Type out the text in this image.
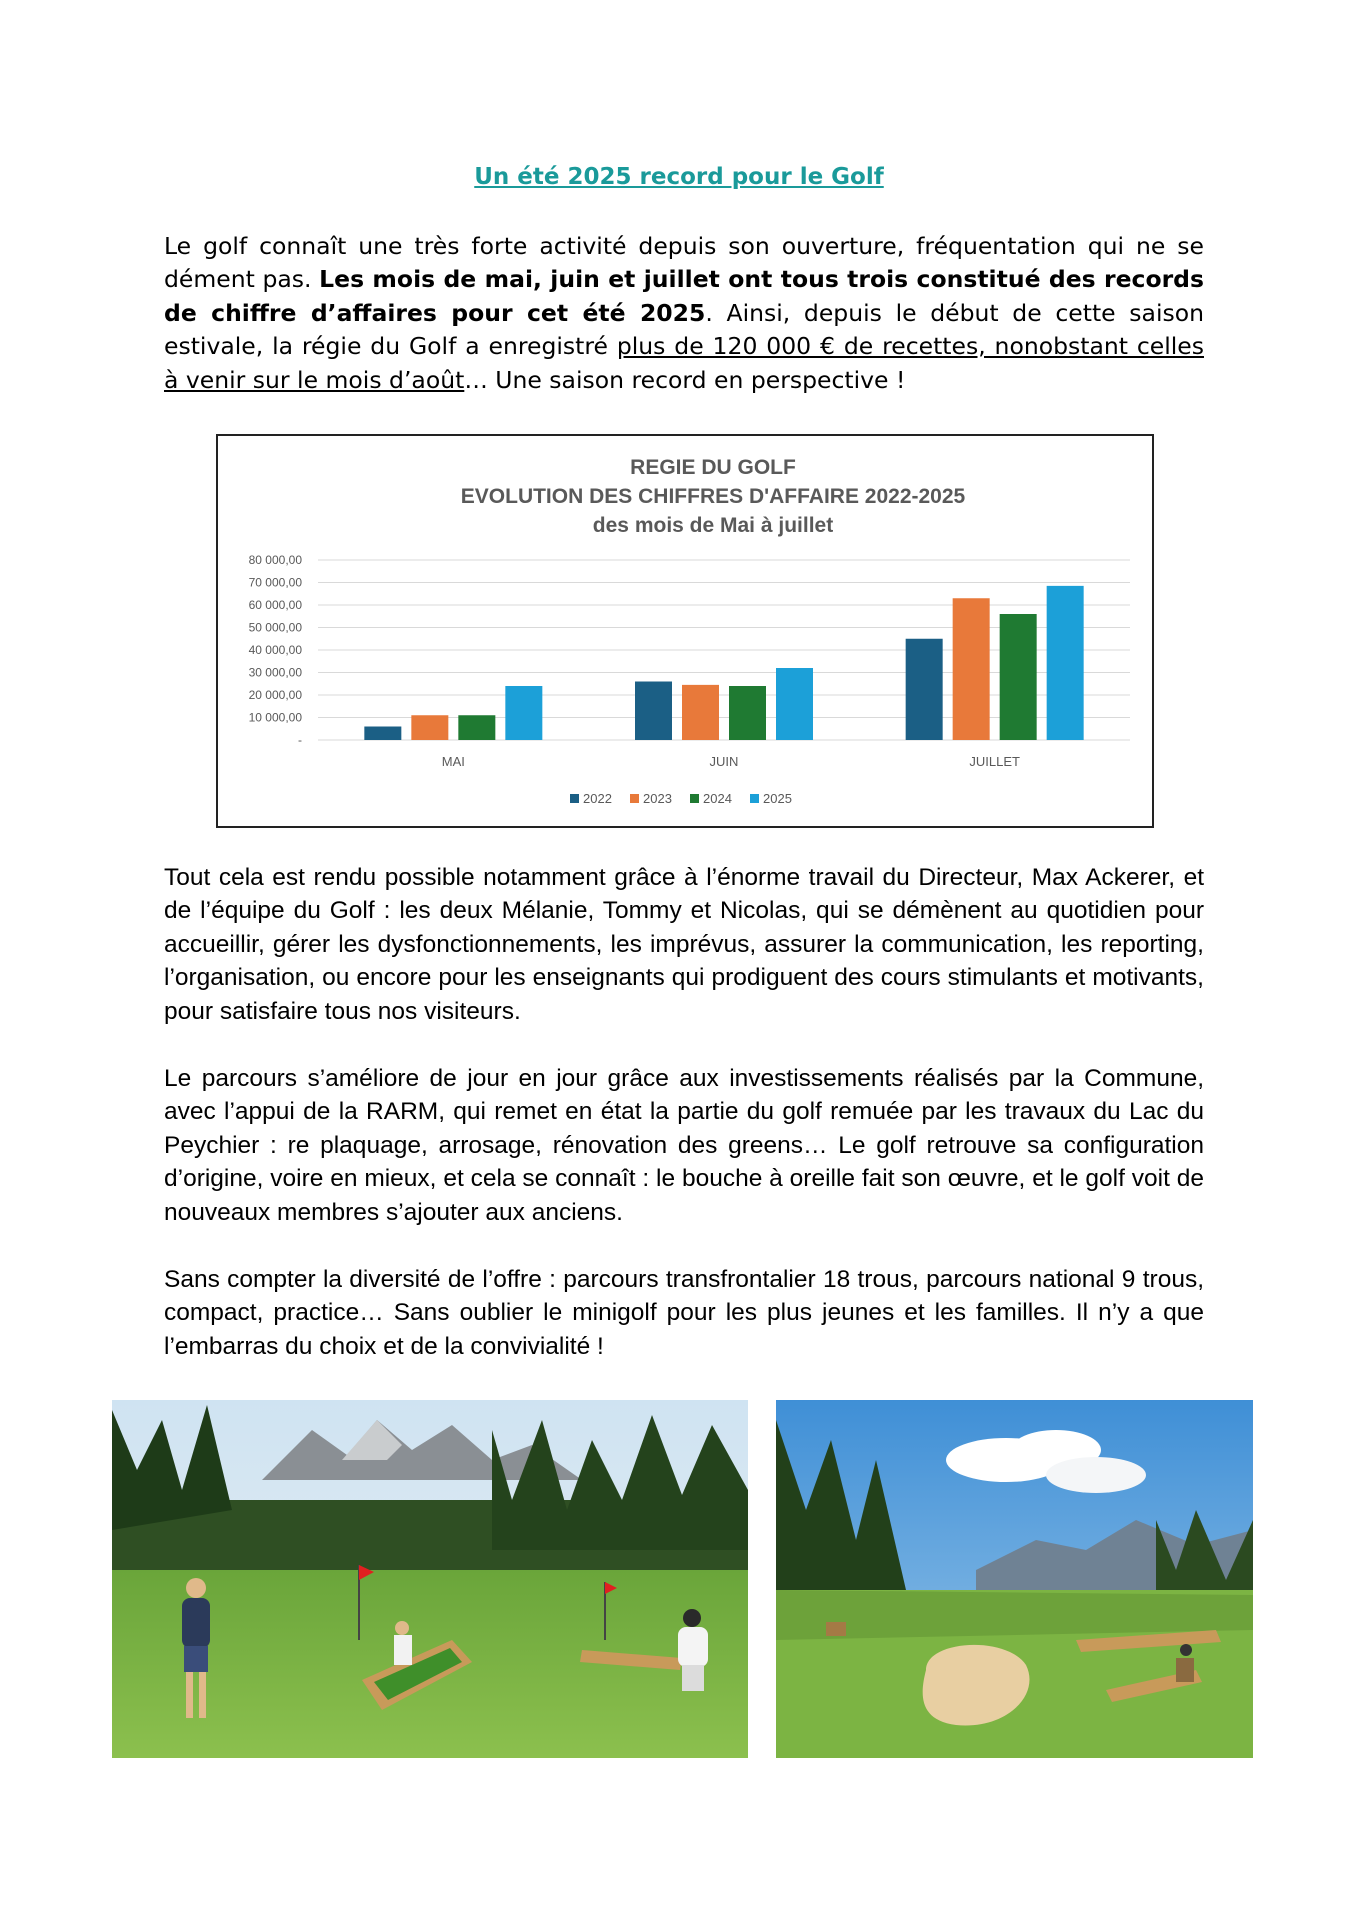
Un été 2025 record pour le Golf
Le golf connaît une très forte activité depuis son ouverture, fréquentation qui ne se dément pas. Les mois de mai, juin et juillet ont tous trois constitué des records de chiffre d’affaires pour cet été 2025. Ainsi, depuis le début de cette saison estivale, la régie du Golf a enregistré plus de 120 000 € de recettes, nonobstant celles à venir sur le mois d’août… Une saison record en perspective !
REGIE DU GOLF
EVOLUTION DES CHIFFRES D'AFFAIRE 2022-2025
des mois de Mai à juillet
-
10 000,00
20 000,00
30 000,00
40 000,00
50 000,00
60 000,00
70 000,00
80 000,00
MAI	JUIN	JUILLET
2022 2023 2024 2025
Tout cela est rendu possible notamment grâce à l’énorme travail du Directeur, Max Ackerer, et de l’équipe du Golf : les deux Mélanie, Tommy et Nicolas, qui se démènent au quotidien pour accueillir, gérer les dysfonctionnements, les imprévus, assurer la communication, les reporting, l’organisation, ou encore pour les enseignants qui prodiguent des cours stimulants et motivants, pour satisfaire tous nos visiteurs.
Le parcours s’améliore de jour en jour grâce aux investissements réalisés par la Commune, avec l’appui de la RARM, qui remet en état la partie du golf remuée par les travaux du Lac du Peychier : re plaquage, arrosage, rénovation des greens… Le golf retrouve sa configuration d’origine, voire en mieux, et cela se connaît : le bouche à oreille fait son œuvre, et le golf voit de nouveaux membres s’ajouter aux anciens.
Sans compter la diversité de l’offre : parcours transfrontalier 18 trous, parcours national 9 trous, compact, practice… Sans oublier le minigolf pour les plus jeunes et les familles. Il n’y a que l’embarras du choix et de la convivialité !
